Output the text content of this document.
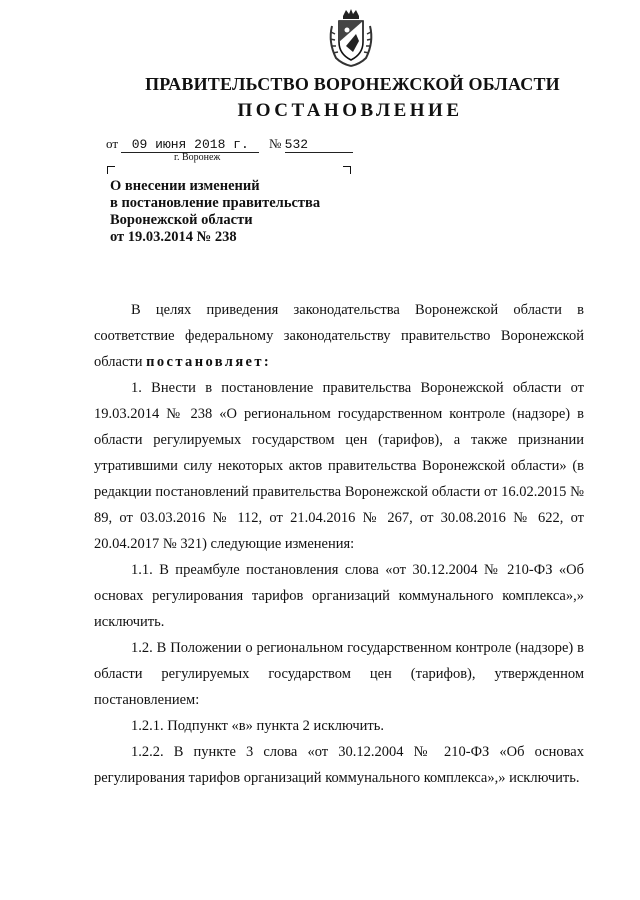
ПРАВИТЕЛЬСТВО ВОРОНЕЖСКОЙ ОБЛАСТИ
ПОСТАНОВЛЕНИЕ
от 09 июня 2018 г. № 532
г. Воронеж
О внесении изменений
в постановление правительства
Воронежской области
от 19.03.2014 № 238

В целях приведения законодательства Воронежской области в соответствие федеральному законодательству правительство Воронежской области постановляет:

1. Внести в постановление правительства Воронежской области от 19.03.2014 № 238 «О региональном государственном контроле (надзоре) в области регулируемых государством цен (тарифов), а также признании утратившими силу некоторых актов правительства Воронежской области» (в редакции постановлений правительства Воронежской области от 16.02.2015 № 89, от 03.03.2016 № 112, от 21.04.2016 № 267, от 30.08.2016 № 622, от 20.04.2017 № 321) следующие изменения:

1.1. В преамбуле постановления слова «от 30.12.2004 № 210-ФЗ «Об основах регулирования тарифов организаций коммунального комплекса»,» исключить.

1.2. В Положении о региональном государственном контроле (надзоре) в области регулируемых государством цен (тарифов), утвержденном постановлением:

1.2.1. Подпункт «в» пункта 2 исключить.

1.2.2. В пункте 3 слова «от 30.12.2004 № 210-ФЗ «Об основах регулирования тарифов организаций коммунального комплекса»,» исключить.
